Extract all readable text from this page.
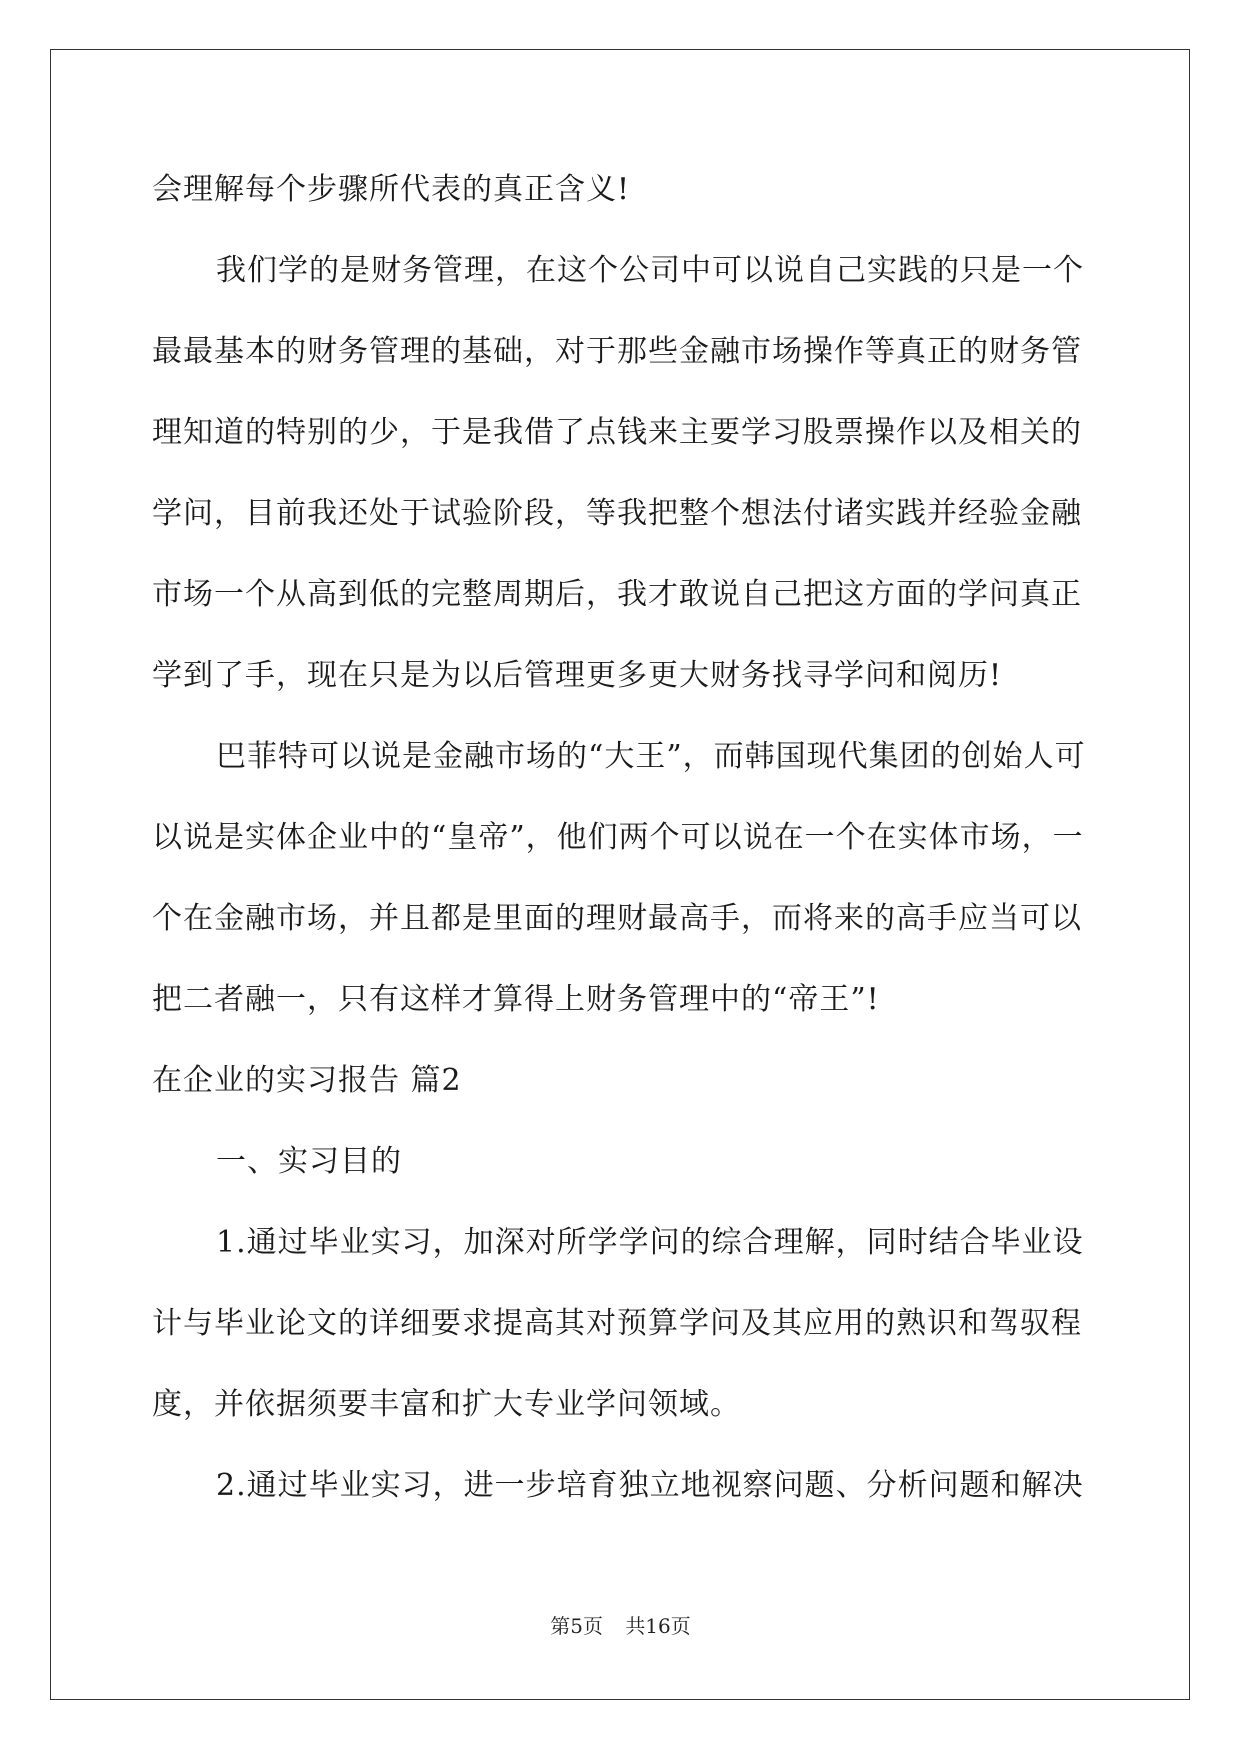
会理解每个步骤所代表的真正含义!
我们学的是财务管理，在这个公司中可以说自己实践的只是一个
最最基本的财务管理的基础，对于那些金融市场操作等真正的财务管
理知道的特别的少，于是我借了点钱来主要学习股票操作以及相关的
学问，目前我还处于试验阶段，等我把整个想法付诸实践并经验金融
市场一个从高到低的完整周期后，我才敢说自己把这方面的学问真正
学到了手，现在只是为以后管理更多更大财务找寻学问和阅历!
巴菲特可以说是金融市场的“大王”，而韩国现代集团的创始人可
以说是实体企业中的“皇帝”，他们两个可以说在一个在实体市场，一
个在金融市场，并且都是里面的理财最高手，而将来的高手应当可以
把二者融一，只有这样才算得上财务管理中的“帝王”!
在企业的实习报告 篇2
一、实习目的
1.通过毕业实习，加深对所学学问的综合理解，同时结合毕业设
计与毕业论文的详细要求提高其对预算学问及其应用的熟识和驾驭程
度，并依据须要丰富和扩大专业学问领域。
2.通过毕业实习，进一步培育独立地视察问题、分析问题和解决
第5页 共16页
